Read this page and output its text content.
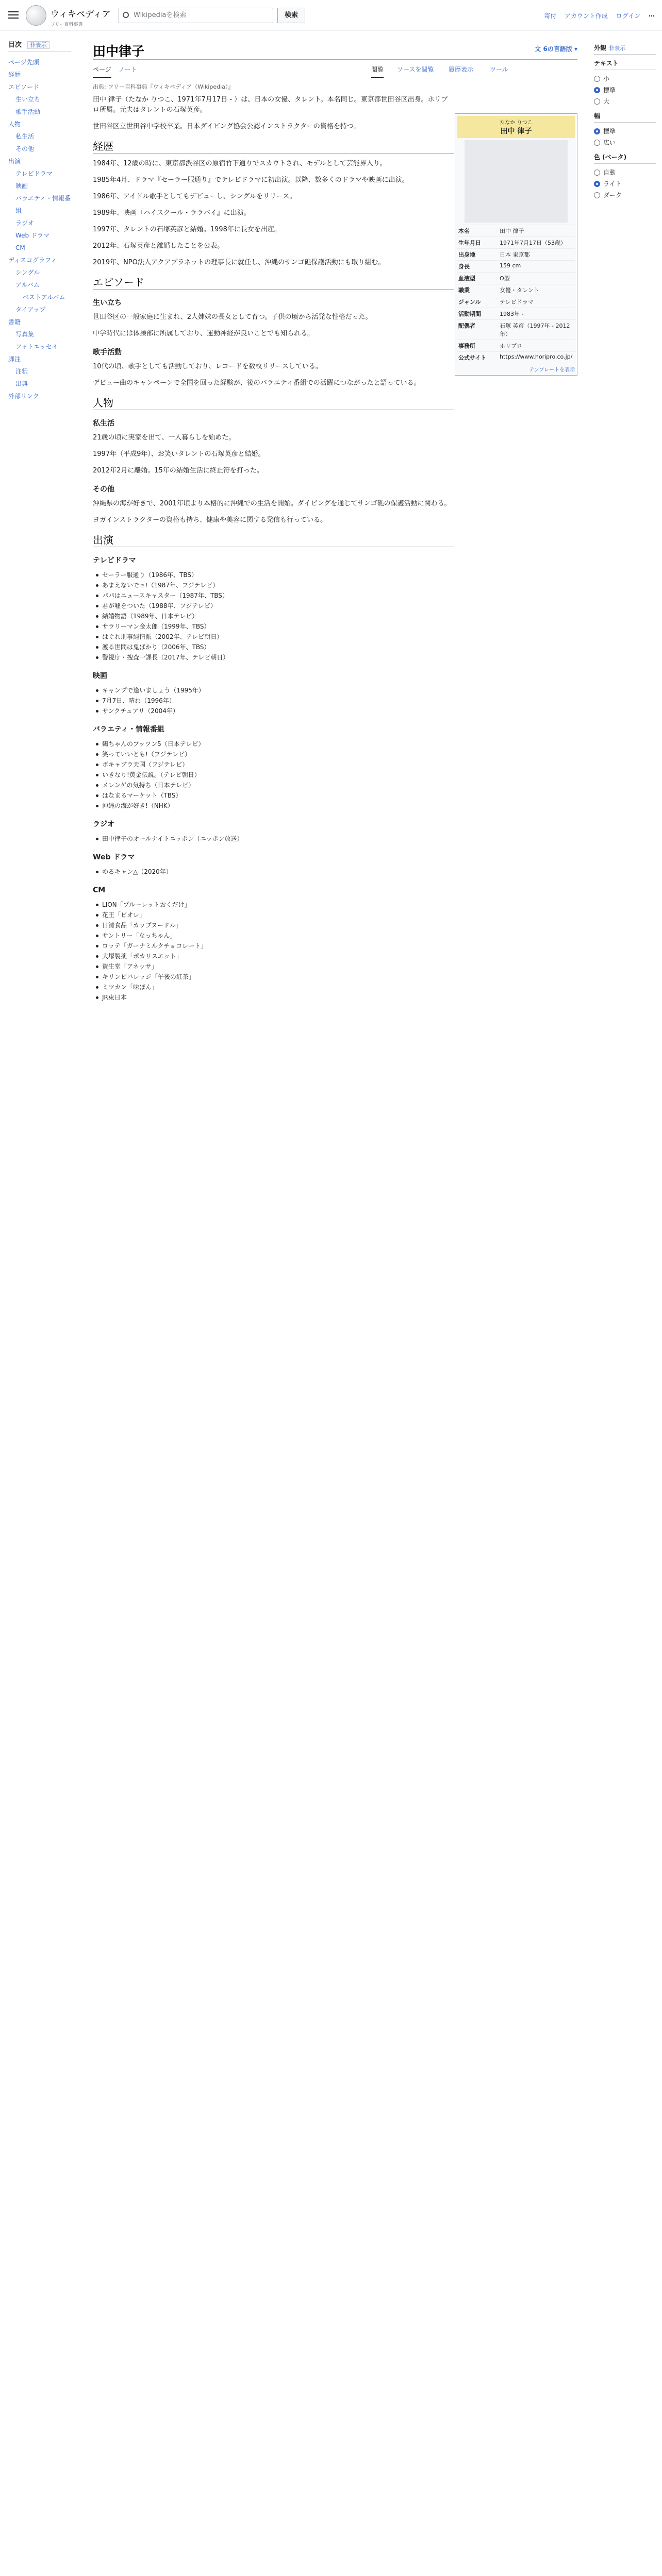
ウィキペディア
フリー百科事典
Wikipediaを検索	検索	寄付 アカウント作成 ログイン ⋯
目次 非表示
ページ先頭
経歴
エピソード
生い立ち
歌手活動
人物
私生活
その他
出演
テレビドラマ
映画
バラエティ・情報番組
ラジオ
Web ドラマ
CM
ディスコグラフィ
シングル
アルバム
ベストアルバム
タイアップ
書籍
写真集
フォトエッセイ
脚注
注釈
出典
外部リンク
田中律子	文 6の言語版 ▾
ページ ノート	閲覧 ソースを閲覧 履歴表示	ツール
出典: フリー百科事典『ウィキペディア（Wikipedia）』
たなか りつこ
田中 律子
本名	田中 律子
生年月日	1971年7月17日（53歳）
出身地	日本 東京都
身長	159 cm
血液型	O型
職業	女優・タレント
ジャンル	テレビドラマ
活動期間	1983年 -
配偶者	石塚 英彦（1997年 - 2012年）
事務所	ホリプロ
公式サイト	https://www.horipro.co.jp/
テンプレートを表示

田中 律子（たなか りつこ、1971年7月17日 - ）は、日本の女優、タレント。本名同じ。東京都世田谷区出身。ホリプロ所属。元夫はタレントの石塚英彦。

世田谷区立世田谷中学校卒業。日本ダイビング協会公認インストラクターの資格を持つ。

経歴

1984年、12歳の時に、東京都渋谷区の原宿竹下通りでスカウトされ、モデルとして芸能界入り。

1985年4月、ドラマ『セーラー服通り』でテレビドラマに初出演。以降、数多くのドラマや映画に出演。

1986年、アイドル歌手としてもデビューし、シングルをリリース。

1989年、映画『ハイスクール・ララバイ』に出演。

1997年、タレントの石塚英彦と結婚。1998年に長女を出産。

2012年、石塚英彦と離婚したことを公表。

2019年、NPO法人アクアプラネットの理事長に就任し、沖縄のサンゴ礁保護活動にも取り組む。

エピソード
生い立ち

世田谷区の一般家庭に生まれ、2人姉妹の長女として育つ。子供の頃から活発な性格だった。

中学時代には体操部に所属しており、運動神経が良いことでも知られる。

歌手活動

10代の頃、歌手としても活動しており、レコードを数枚リリースしている。

デビュー曲のキャンペーンで全国を回った経験が、後のバラエティ番組での活躍につながったと語っている。

人物
私生活

21歳の頃に実家を出て、一人暮らしを始めた。

1997年（平成9年）、お笑いタレントの石塚英彦と結婚。

2012年2月に離婚。15年の結婚生活に終止符を打った。

その他

沖縄県の海が好きで、2001年頃より本格的に沖縄での生活を開始。ダイビングを通じてサンゴ礁の保護活動に関わる。

ヨガインストラクターの資格も持ち、健康や美容に関する発信も行っている。

出演
テレビドラマ
セーラー服通り（1986年、TBS）
あまえないでョ!（1987年、フジテレビ）
パパはニュースキャスター（1987年、TBS）
君が嘘をついた（1988年、フジテレビ）
結婚物語（1989年、日本テレビ）
サラリーマン金太郎（1999年、TBS）
はぐれ刑事純情派（2002年、テレビ朝日）
渡る世間は鬼ばかり（2006年、TBS）
警視庁・捜査一課長（2017年、テレビ朝日）
映画
キャンプで逢いましょう（1995年）
7月7日、晴れ（1996年）
サンクチュアリ（2004年）
バラエティ・情報番組
鶴ちゃんのプッツン5（日本テレビ）
笑っていいとも!（フジテレビ）
ボキャブラ天国（フジテレビ）
いきなり!黄金伝説。（テレビ朝日）
メレンゲの気持ち（日本テレビ）
はなまるマーケット（TBS）
沖縄の海が好き!（NHK）
ラジオ
田中律子のオールナイトニッポン（ニッポン放送）
Web ドラマ
ゆるキャン△（2020年）
CM
LION「ブルーレットおくだけ」
花王「ビオレ」
日清食品「カップヌードル」
サントリー「なっちゃん」
ロッテ「ガーナミルクチョコレート」
大塚製薬「ポカリスエット」
資生堂「アネッサ」
キリンビバレッジ「午後の紅茶」
ミツカン「味ぽん」
JR東日本
外観 非表示
テキスト
小
標準
大
幅
標準
広い
色 (ベータ)
自動
ライト
ダーク
